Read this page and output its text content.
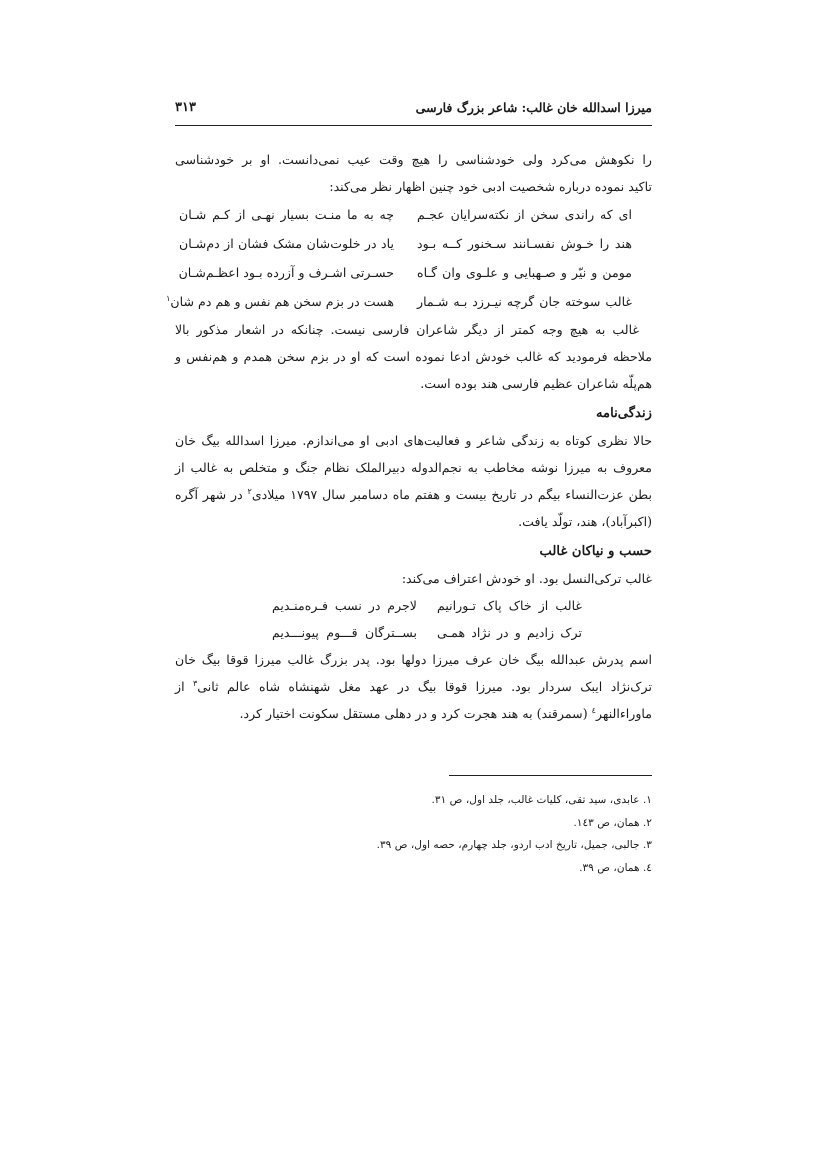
میرزا اسدالله خان غالب: شاعر بزرگ فارسی
۳۱۳

را نکوهش می‌کرد ولی خودشناسی را هیچ وقت عیب نمی‌دانست. او بر خودشناسی

تاکید نموده درباره شخصیت ادبی خود چنین اظهار نظر می‌کند:

ای که راندی سخن از نکته‌سرایان عجـم
چه به ما منـت بسیار نهـی از کـم شـان
هند را خـوش نفسـانند سـخنور کــه بـود
یاد در خلوت‌شان مشک فشان از دم‌شـان
مومن و نیّر و صـهبایی و علـوی وان گـاه
حسـرتی اشـرف و آزرده بـود اعظـم‌شـان
غالب سوخته جان گرچه نیـرزد بـه شـمار
هست در بزم سخن هم نفس و هم دم شان$^۱$

غالب به هیچ وجه کمتر از دیگر شاعران فارسی نیست. چنانکه در اشعار مذکور بالا ملاحظه فرمودید که غالب خودش ادعا نموده است که او در بزم سخن همدم و هم‌نفس و هم‌پلّه شاعران عظیم فارسی هند بوده است.

زندگی‌نامه

حالا نظری کوتاه به زندگی شاعر و فعالیت‌های ادبی او می‌اندازم. میرزا اسدالله بیگ خان معروف به میرزا نوشه مخاطب به نجم‌الدوله دبیرالملک نظام جنگ و متخلص به غالب از بطن عزت‌النساء بیگم در تاریخ بیست و هفتم ماه دسامبر سال ۱۷۹۷ میلادی$^۲$ در شهر آگره (اکبرآباد)، هند، تولّد یافت.

حسب و نیاکان غالب

غالب ترکی‌النسل بود. او خودش اعتراف می‌کند:

غالب از خاک پاک تـورانیم
لاجرم در نسب فـره‌منـدیم
ترک زادیم و در نژاد همـی
بســترگان قـــوم پیونـــدیم

اسم پدرش عبدالله بیگ خان عرف میرزا دولها بود. پدر بزرگ غالب میرزا قوقا بیگ خان ترک‌نژاد ایبک سردار بود. میرزا قوقا بیگ در عهد مغل شهنشاه شاه عالم ثانی$^۳$ از ماوراءالنهر$^٤$ (سمرقند) به هند هجرت کرد و در دهلی مستقل سکونت اختیار کرد.

۱. عابدی، سید تقی، کلیات غالب، جلد اول، ص ۳۱.
۲. همان، ص ۱٤۳.
۳. جالبی، جمیل، تاریخ ادب اردو، جلد چهارم، حصه اول، ص ۳۹.
٤. همان، ص ۳۹.
